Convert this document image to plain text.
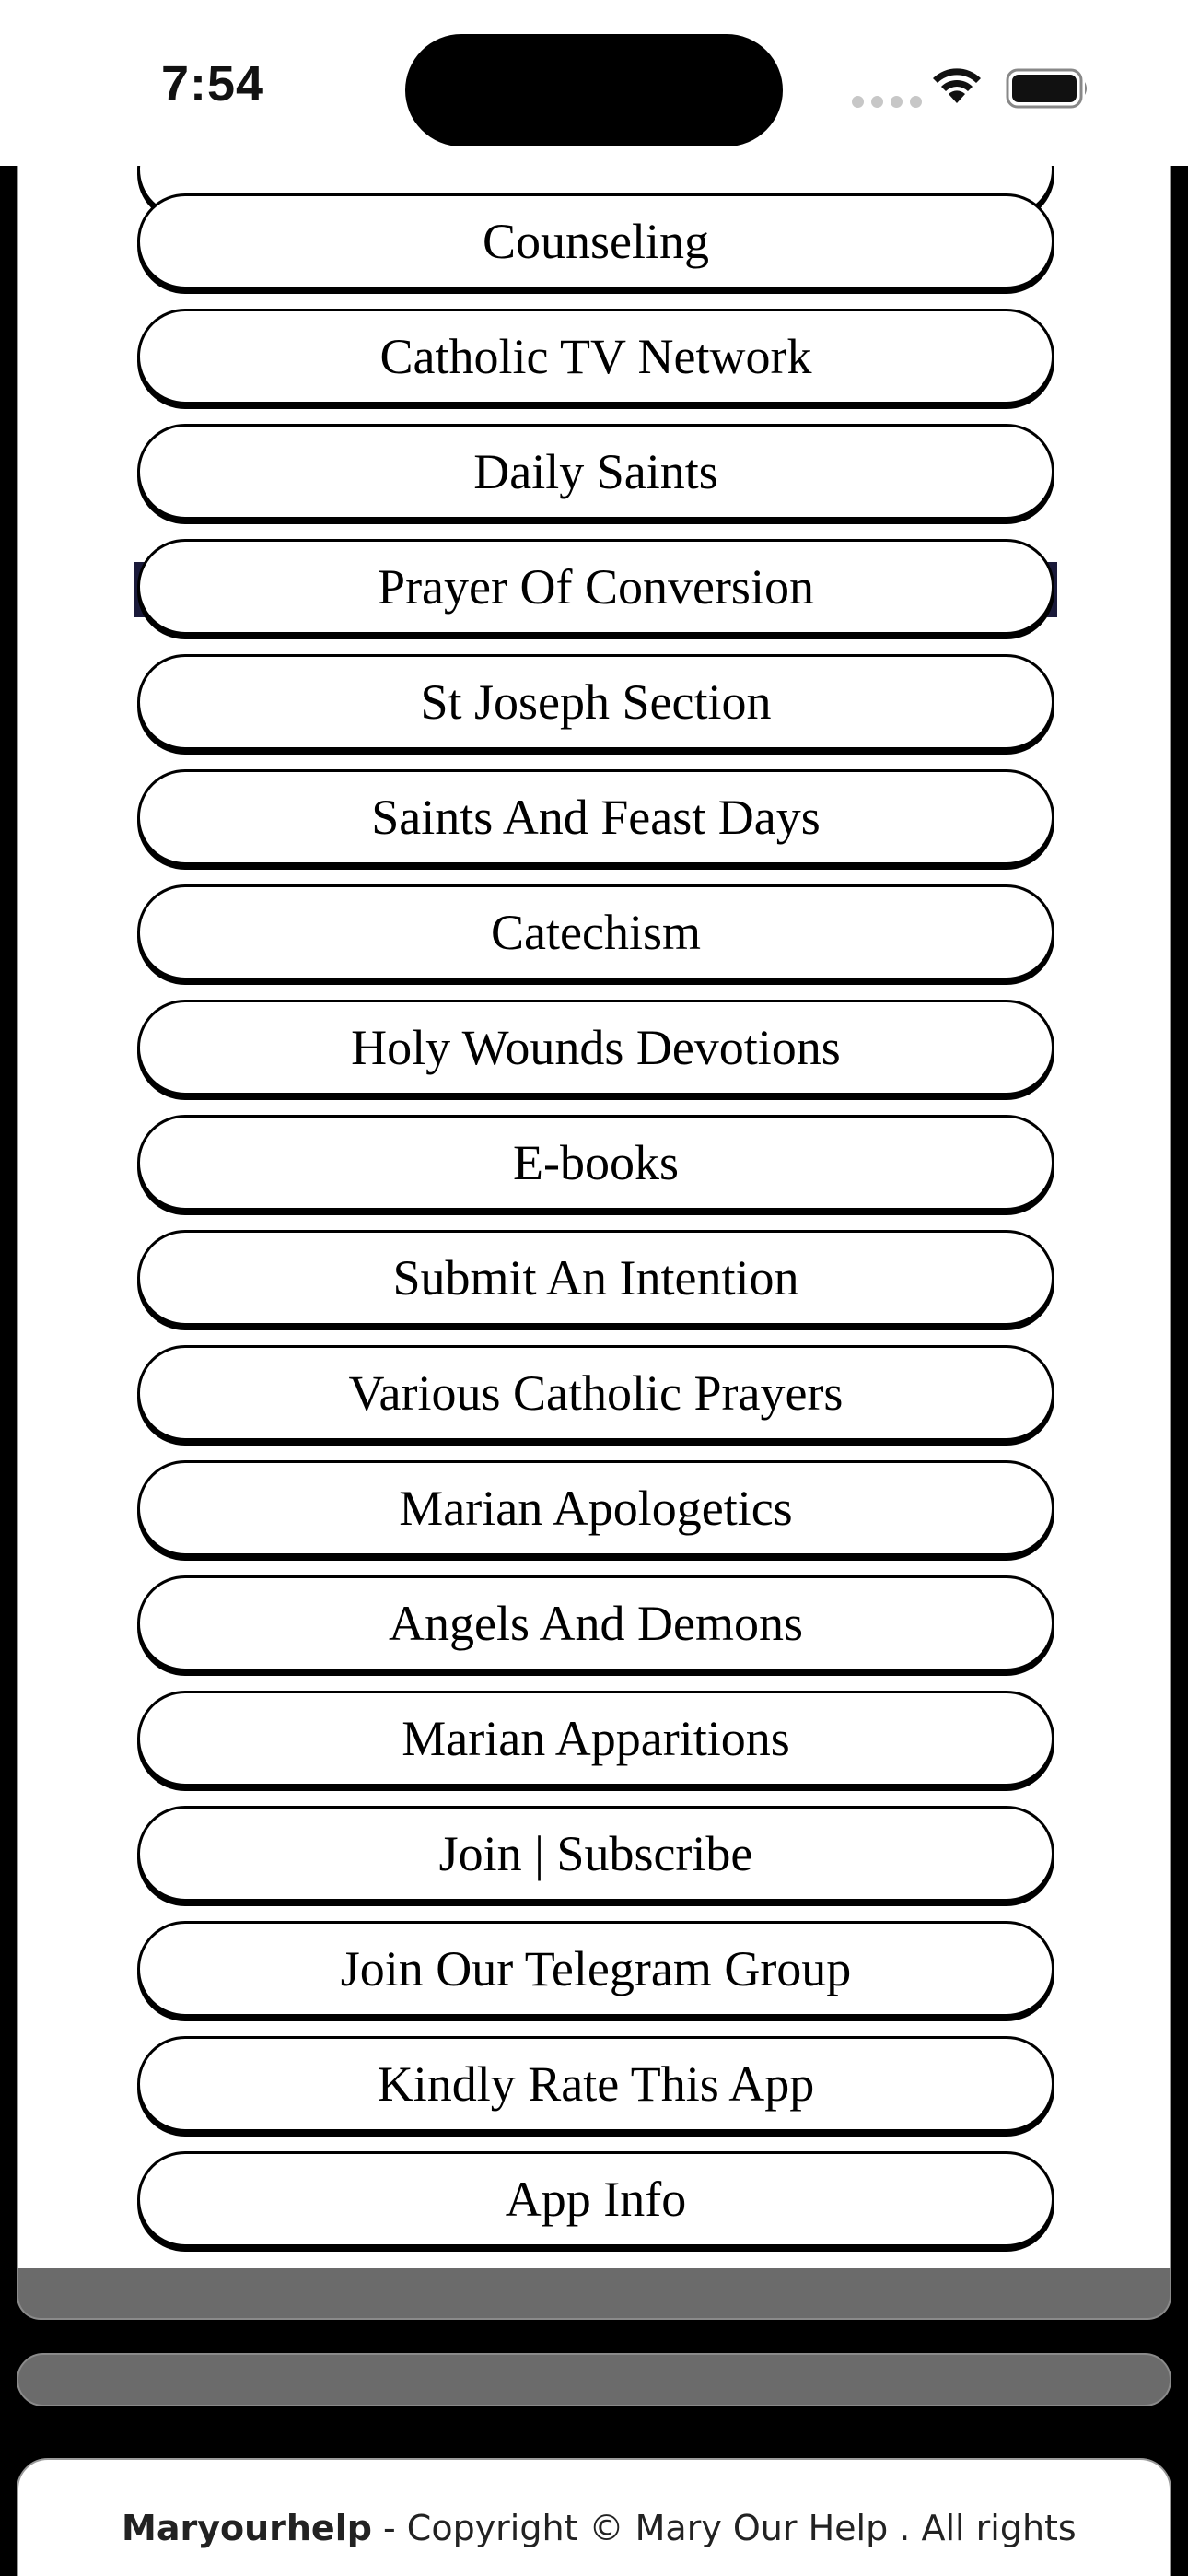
7:54
Counseling
Catholic TV Network
Daily Saints
Prayer Of Conversion
St Joseph Section
Saints And Feast Days
Catechism
Holy Wounds Devotions
E-books
Submit An Intention
Various Catholic Prayers
Marian Apologetics
Angels And Demons
Marian Apparitions
Join | Subscribe
Join Our Telegram Group
Kindly Rate This App
App Info
Maryourhelp - Copyright © Mary Our Help . All rights
